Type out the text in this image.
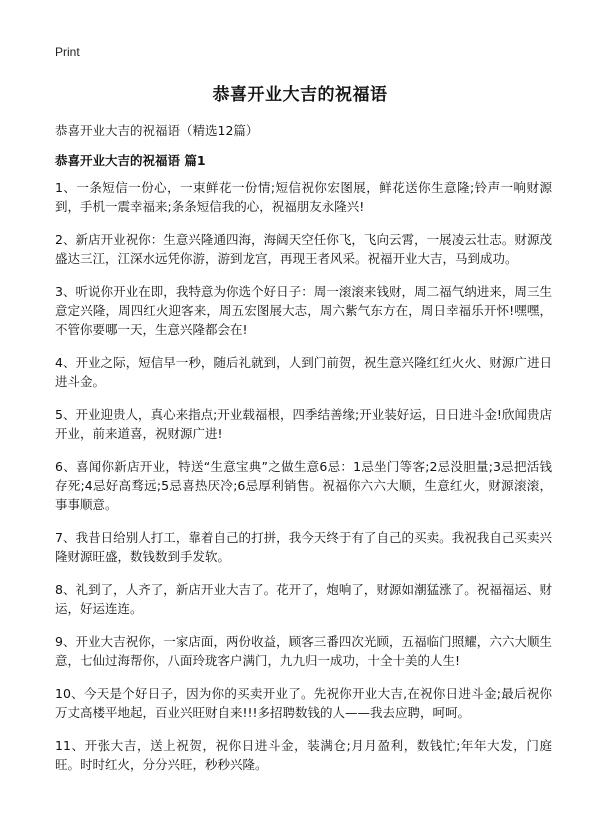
Print
恭喜开业大吉的祝福语

恭喜开业大吉的祝福语（精选12篇）

恭喜开业大吉的祝福语 篇1

1、一条短信一份心，一束鲜花一份情;短信祝你宏图展，鲜花送你生意隆;铃声一响财源到，手机一震幸福来;条条短信我的心，祝福朋友永隆兴!

2、新店开业祝你：生意兴隆通四海，海阔天空任你飞，飞向云霄，一展凌云壮志。财源茂盛达三江，江深水远凭你游，游到龙宫，再现王者风采。祝福开业大吉，马到成功。

3、听说你开业在即，我特意为你选个好日子：周一滚滚来钱财，周二福气纳进来，周三生意定兴隆，周四红火迎客来，周五宏图展大志，周六紫气东方在，周日幸福乐开怀!嘿嘿，不管你要哪一天，生意兴隆都会在!

4、开业之际，短信早一秒，随后礼就到，人到门前贺，祝生意兴隆红红火火、财源广进日进斗金。

5、开业迎贵人，真心来指点;开业载福根，四季结善缘;开业装好运，日日进斗金!欣闻贵店开业，前来道喜，祝财源广进!

6、喜闻你新店开业，特送“生意宝典”之做生意6忌：1忌坐门等客;2忌没胆量;3忌把活钱存死;4忌好高骛远;5忌喜热厌冷;6忌厚利销售。祝福你六六大顺，生意红火，财源滚滚，事事顺意。

7、我昔日给别人打工，靠着自己的打拼，我今天终于有了自己的买卖。我祝我自己买卖兴隆财源旺盛，数钱数到手发软。

8、礼到了，人齐了，新店开业大吉了。花开了，炮响了，财源如潮猛涨了。祝福福运、财运，好运连连。

9、开业大吉祝你，一家店面，两份收益，顾客三番四次光顾，五福临门照耀，六六大顺生意，七仙过海帮你，八面玲珑客户满门，九九归一成功，十全十美的人生!

10、今天是个好日子，因为你的买卖开业了。先祝你开业大吉,在祝你日进斗金;最后祝你万丈高楼平地起，百业兴旺财自来!!!多招聘数钱的人——我去应聘，呵呵。

11、开张大吉，送上祝贺，祝你日进斗金，装满仓;月月盈利，数钱忙;年年大发，门庭旺。时时红火，分分兴旺，秒秒兴隆。
